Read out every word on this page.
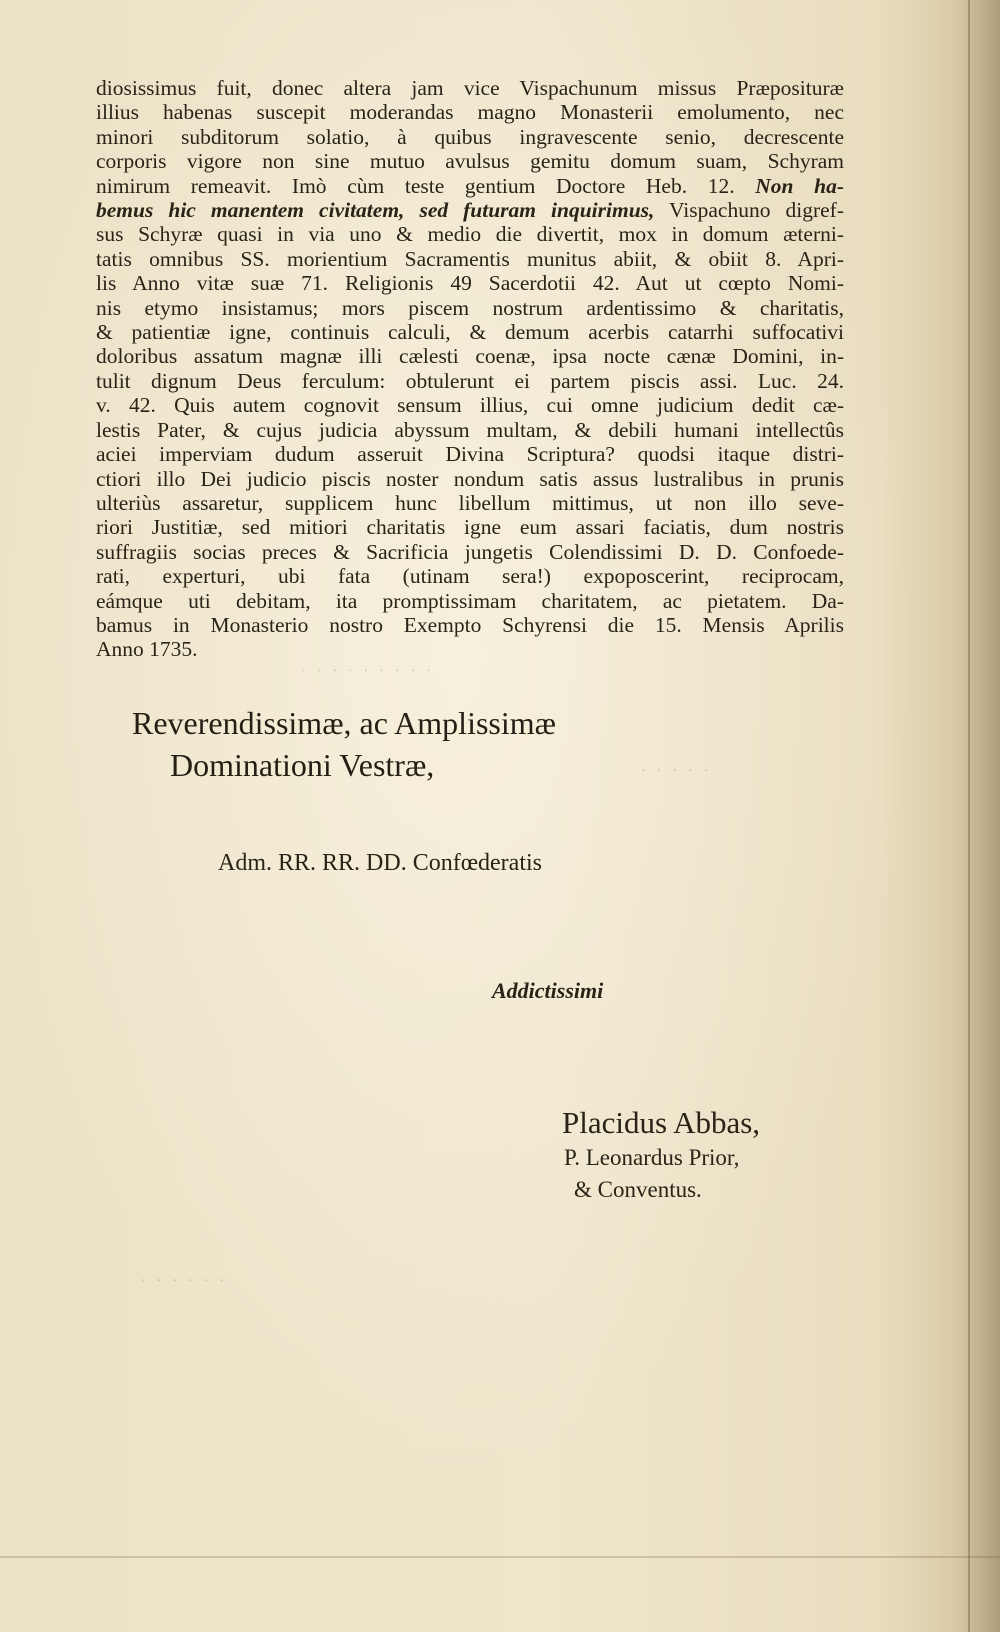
· · · · · · · · ·
· · · · ·
· · · · · ·
diosissimus fuit, donec altera jam vice Vispachunum missus Præposituræ
illius habenas suscepit moderandas magno Monasterii emolumento, nec
minori subditorum solatio, à quibus ingravescente senio, decrescente
corporis vigore non sine mutuo avulsus gemitu domum suam, Schyram
nimirum remeavit. Imò cùm teste gentium Doctore Heb. 12. Non ha-
bemus hic manentem civitatem, sed futuram inquirimus, Vispachuno digref-
sus Schyræ quasi in via uno & medio die divertit, mox in domum æterni-
tatis omnibus SS. morientium Sacramentis munitus abiit, & obiit 8. Apri-
lis Anno vitæ suæ 71. Religionis 49 Sacerdotii 42. Aut ut cœpto Nomi-
nis etymo insistamus; mors piscem nostrum ardentissimo & charitatis,
& patientiæ igne, continuis calculi, & demum acerbis catarrhi suffocativi
doloribus assatum magnæ illi cælesti coenæ, ipsa nocte cænæ Domini, in-
tulit dignum Deus ferculum: obtulerunt ei partem piscis assi. Luc. 24.
v. 42. Quis autem cognovit sensum illius, cui omne judicium dedit cæ-
lestis Pater, & cujus judicia abyssum multam, & debili humani intellectûs
aciei imperviam dudum asseruit Divina Scriptura? quodsi itaque distri-
ctiori illo Dei judicio piscis noster nondum satis assus lustralibus in prunis
ulteriùs assaretur, supplicem hunc libellum mittimus, ut non illo seve-
riori Justitiæ, sed mitiori charitatis igne eum assari faciatis, dum nostris
suffragiis socias preces & Sacrificia jungetis Colendissimi D. D. Confoede-
rati, experturi, ubi fata (utinam sera!) expoposcerint, reciprocam,
eámque uti debitam, ita promptissimam charitatem, ac pietatem. Da-
bamus in Monasterio nostro Exempto Schyrensi die 15. Mensis Aprilis
Anno 1735.
Reverendissimæ, ac Amplissimæ
Dominationi Vestræ,
Adm. RR. RR. DD. Confœderatis
Addictissimi
Placidus Abbas,
P. Leonardus Prior,
& Conventus.
